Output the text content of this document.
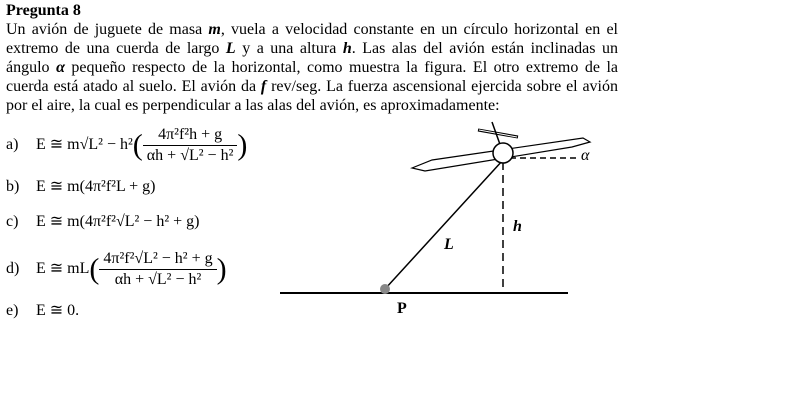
Pregunta 8
Un avión de juguete de masa m, vuela a velocidad constante en un círculo horizontal en el extremo de una cuerda de largo L y a una altura h. Las alas del avión están inclinadas un ángulo α pequeño respecto de la horizontal, como muestra la figura. El otro extremo de la cuerda está atado al suelo. El avión da f rev/seg. La fuerza ascensional ejercida sobre el avión por el aire, la cual es perpendicular a las alas del avión, es aproximadamente:
a) E ≅ $m√L^2 - h^2( \frac{\text{4π²f²h + g}}{\text{αh + √L² − h²}}$ )
b) E ≅ m(4π²f²L + g)
c) E ≅ m(4π²f²√L² − h² + g)
d) E ≅ $mL( \frac{\text{4π²f²√L² − h² + g}}{\text{αh + √L² − h²}}$ )
e) E ≅ 0.
L
h
α
P
